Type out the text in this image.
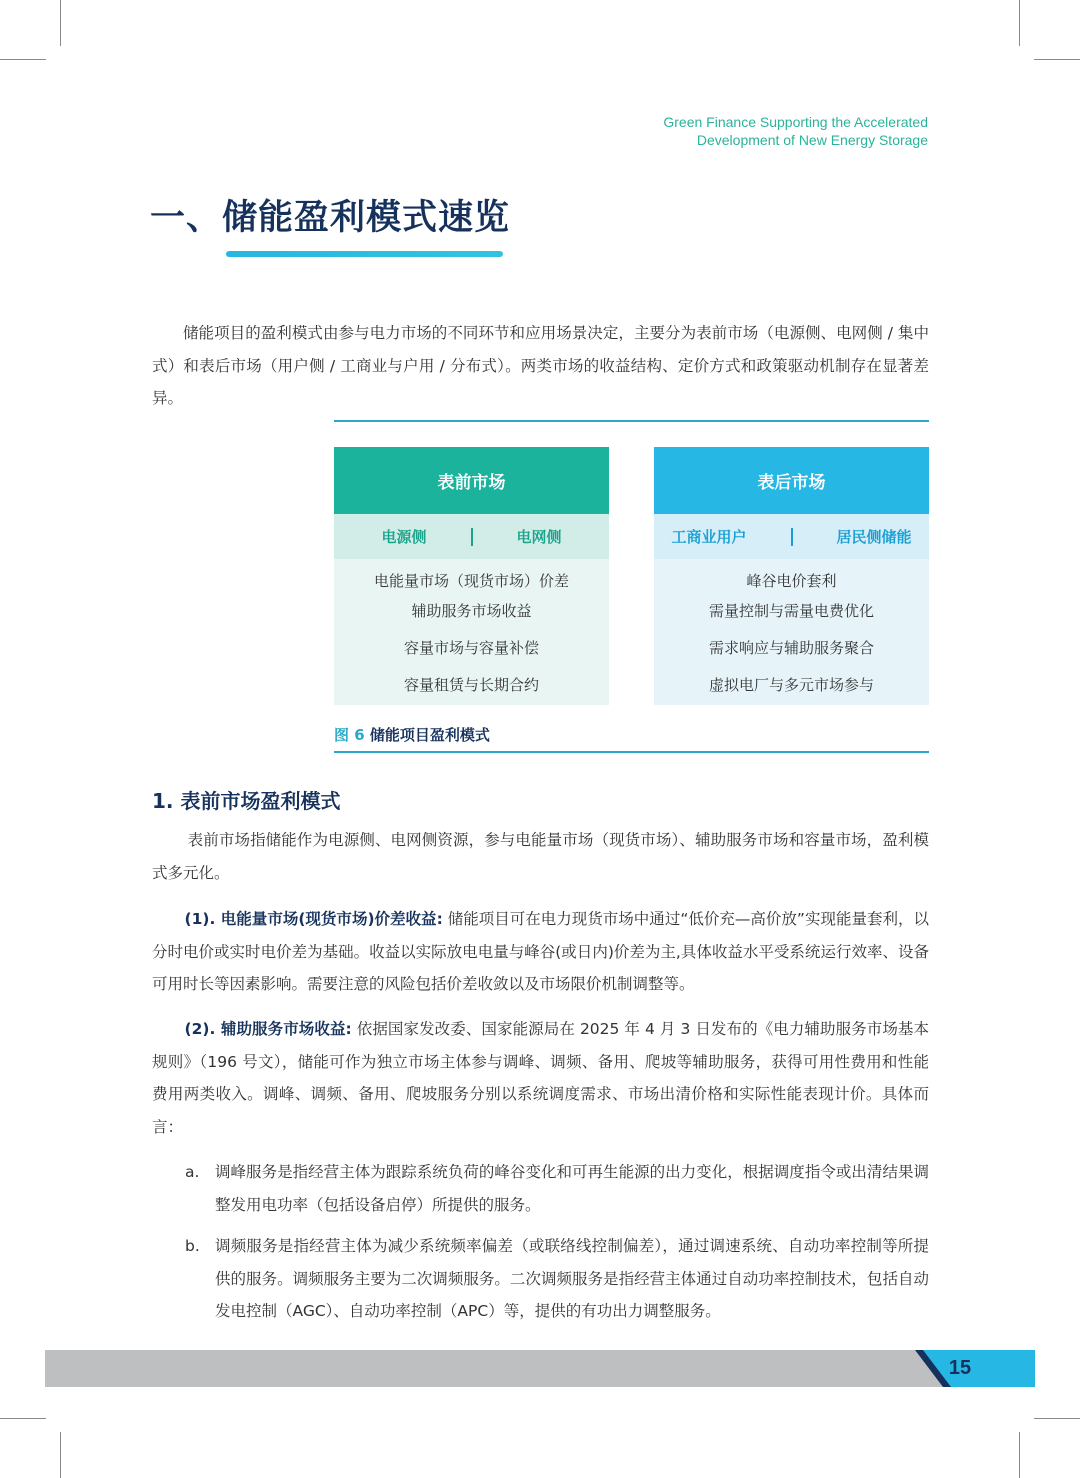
Green Finance Supporting the Accelerated
Development of New Energy Storage
一、储能盈利模式速览

储能项目的盈利模式由参与电力市场的不同环节和应用场景决定，主要分为表前市场（电源侧、电网侧 / 集中式）和表后市场（用户侧 / 工商业与户用 / 分布式）。两类市场的收益结构、定价方式和政策驱动机制存在显著差异。

表前市场
电源侧	电网侧
电能量市场（现货市场）价差
辅助服务市场收益
容量市场与容量补偿
容量租赁与长期合约
表后市场
工商业用户	居民侧储能
峰谷电价套利
需量控制与需量电费优化
需求响应与辅助服务聚合
虚拟电厂与多元市场参与
图 6 储能项目盈利模式
1. 表前市场盈利模式

表前市场指储能作为电源侧、电网侧资源，参与电能量市场（现货市场）、辅助服务市场和容量市场，盈利模式多元化。

(1). 电能量市场(现货市场)价差收益: 储能项目可在电力现货市场中通过“低价充—高价放”实现能量套利，以分时电价或实时电价差为基础。收益以实际放电电量与峰谷(或日内)价差为主,具体收益水平受系统运行效率、设备可用时长等因素影响。需要注意的风险包括价差收敛以及市场限价机制调整等。

(2). 辅助服务市场收益: 依据国家发改委、国家能源局在 2025 年 4 月 3 日发布的《电力辅助服务市场基本规则》（196 号文），储能可作为独立市场主体参与调峰、调频、备用、爬坡等辅助服务，获得可用性费用和性能费用两类收入。调峰、调频、备用、爬坡服务分别以系统调度需求、市场出清价格和实际性能表现计价。具体而言：

a. 调峰服务是指经营主体为跟踪系统负荷的峰谷变化和可再生能源的出力变化，根据调度指令或出清结果调整发用电功率（包括设备启停）所提供的服务。
b. 调频服务是指经营主体为减少系统频率偏差（或联络线控制偏差），通过调速系统、自动功率控制等所提供的服务。调频服务主要为二次调频服务。二次调频服务是指经营主体通过自动功率控制技术，包括自动发电控制（AGC）、自动功率控制（APC）等，提供的有功出力调整服务。
15
